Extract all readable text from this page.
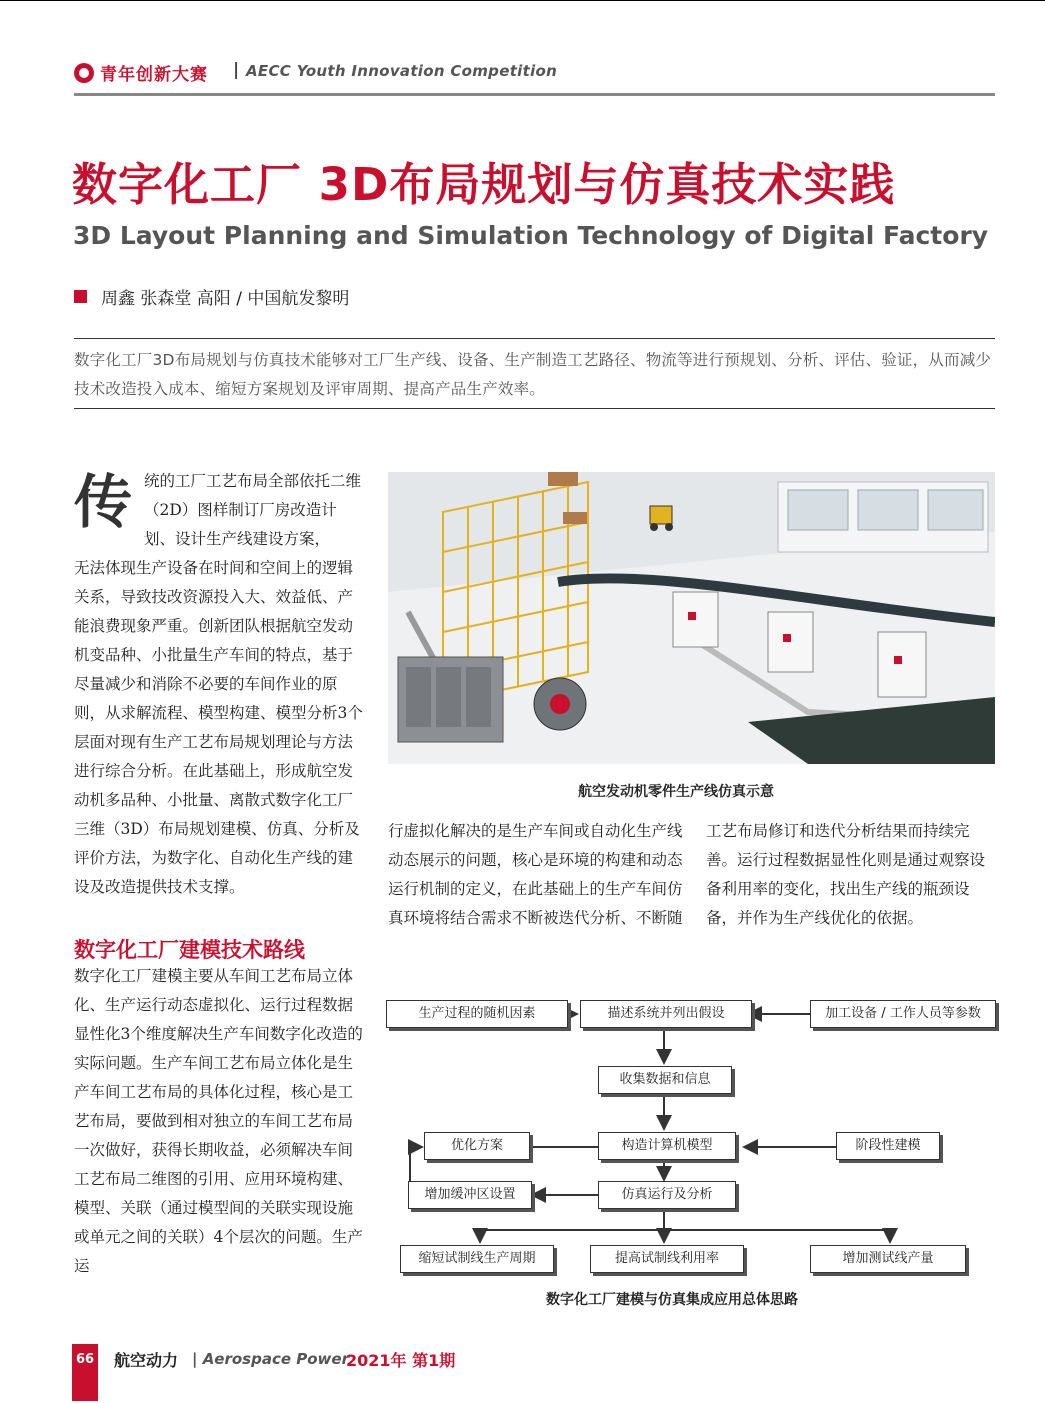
青年创新大赛 | AECC Youth Innovation Competition
数字化工厂 3D布局规划与仿真技术实践
3D Layout Planning and Simulation Technology of Digital Factory
周鑫 张森堂 高阳 / 中国航发黎明
数字化工厂3D布局规划与仿真技术能够对工厂生产线、设备、生产制造工艺路径、物流等进行预规划、分析、评估、验证，从而减少技术改造投入成本、缩短方案规划及评审周期、提高产品生产效率。
传 统的工厂工艺布局全部依托二维（2D）图样制订厂房改造计划、设计生产线建设方案，
无法体现生产设备在时间和空间上的逻辑关系，导致技改资源投入大、效益低、产能浪费现象严重。创新团队根据航空发动机变品种、小批量生产车间的特点，基于尽量减少和消除不必要的车间作业的原则，从求解流程、模型构建、模型分析3个层面对现有生产工艺布局规划理论与方法进行综合分析。在此基础上，形成航空发动机多品种、小批量、离散式数字化工厂三维（3D）布局规划建模、仿真、分析及评价方法，为数字化、自动化生产线的建设及改造提供技术支撑。
数字化工厂建模技术路线
数字化工厂建模主要从车间工艺布局立体化、生产运行动态虚拟化、运行过程数据显性化3个维度解决生产车间数字化改造的实际问题。生产车间工艺布局立体化是生产车间工艺布局的具体化过程，核心是工艺布局，要做到相对独立的车间工艺布局一次做好，获得长期收益，必须解决车间工艺布局二维图的引用、应用环境构建、模型、关联（通过模型间的关联实现设施或单元之间的关联）4个层次的问题。生产运
行虚拟化解决的是生产车间或自动化生产线动态展示的问题，核心是环境的构建和动态运行机制的定义，在此基础上的生产车间仿真环境将结合需求不断被迭代分析、不断随
工艺布局修订和迭代分析结果而持续完善。运行过程数据显性化则是通过观察设备利用率的变化，找出生产线的瓶颈设备，并作为生产线优化的依据。
航空发动机零件生产线仿真示意
生产过程的随机因素	描述系统并列出假设	加工设备 / 工作人员等参数
收集数据和信息
优化方案	构造计算机模型	阶段性建模
增加缓冲区设置	仿真运行及分析
缩短试制线生产周期	提高试制线利用率	增加测试线产量
数字化工厂建模与仿真集成应用总体思路
66 航空动力 | Aerospace Power
2021年 第1期
